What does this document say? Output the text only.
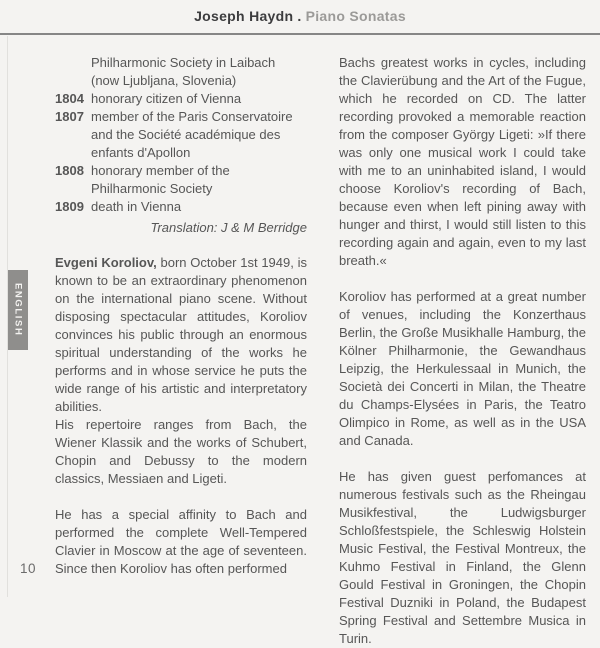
Joseph Haydn . Piano Sonatas
ENGLISH
Philharmonic Society in Laibach (now Ljubljana, Slovenia)
1804 honorary citizen of Vienna
1807 member of the Paris Conservatoire and the Société académique des enfants d'Apollon
1808 honorary member of the Philharmonic Society
1809 death in Vienna
Translation: J & M Berridge

Evgeni Koroliov, born October 1st 1949, is known to be an extraordinary phenomenon on the international piano scene. Without disposing spectacular attitudes, Koroliov convinces his public through an enormous spiritual understanding of the works he performs and in whose service he puts the wide range of his artistic and interpretatory abilities.

His repertoire ranges from Bach, the Wiener Klassik and the works of Schubert, Chopin and Debussy to the modern classics, Messiaen and Ligeti.

He has a special affinity to Bach and performed the complete Well-Tempered Clavier in Moscow at the age of seventeen. Since then Koroliov has often performed

Bachs greatest works in cycles, including the Clavierübung and the Art of the Fugue, which he recorded on CD. The latter recording provoked a memorable reaction from the composer György Ligeti: »If there was only one musical work I could take with me to an uninhabited island, I would choose Koroliov's recording of Bach, because even when left pining away with hunger and thirst, I would still listen to this recording again and again, even to my last breath.«

Koroliov has performed at a great number of venues, including the Konzerthaus Berlin, the Große Musikhalle Hamburg, the Kölner Philharmonie, the Gewandhaus Leipzig, the Herkulessaal in Munich, the Società dei Concerti in Milan, the Theatre du Champs-Elysées in Paris, the Teatro Olimpico in Rome, as well as in the USA and Canada.

He has given guest perfomances at numerous festivals such as the Rheingau Musikfestival, the Ludwigsburger Schloßfestspiele, the Schleswig Holstein Music Festival, the Festival Montreux, the Kuhmo Festival in Finland, the Glenn Gould Festival in Groningen, the Chopin Festival Duzniki in Poland, the Budapest Spring Festival and Settembre Musica in Turin.

10
